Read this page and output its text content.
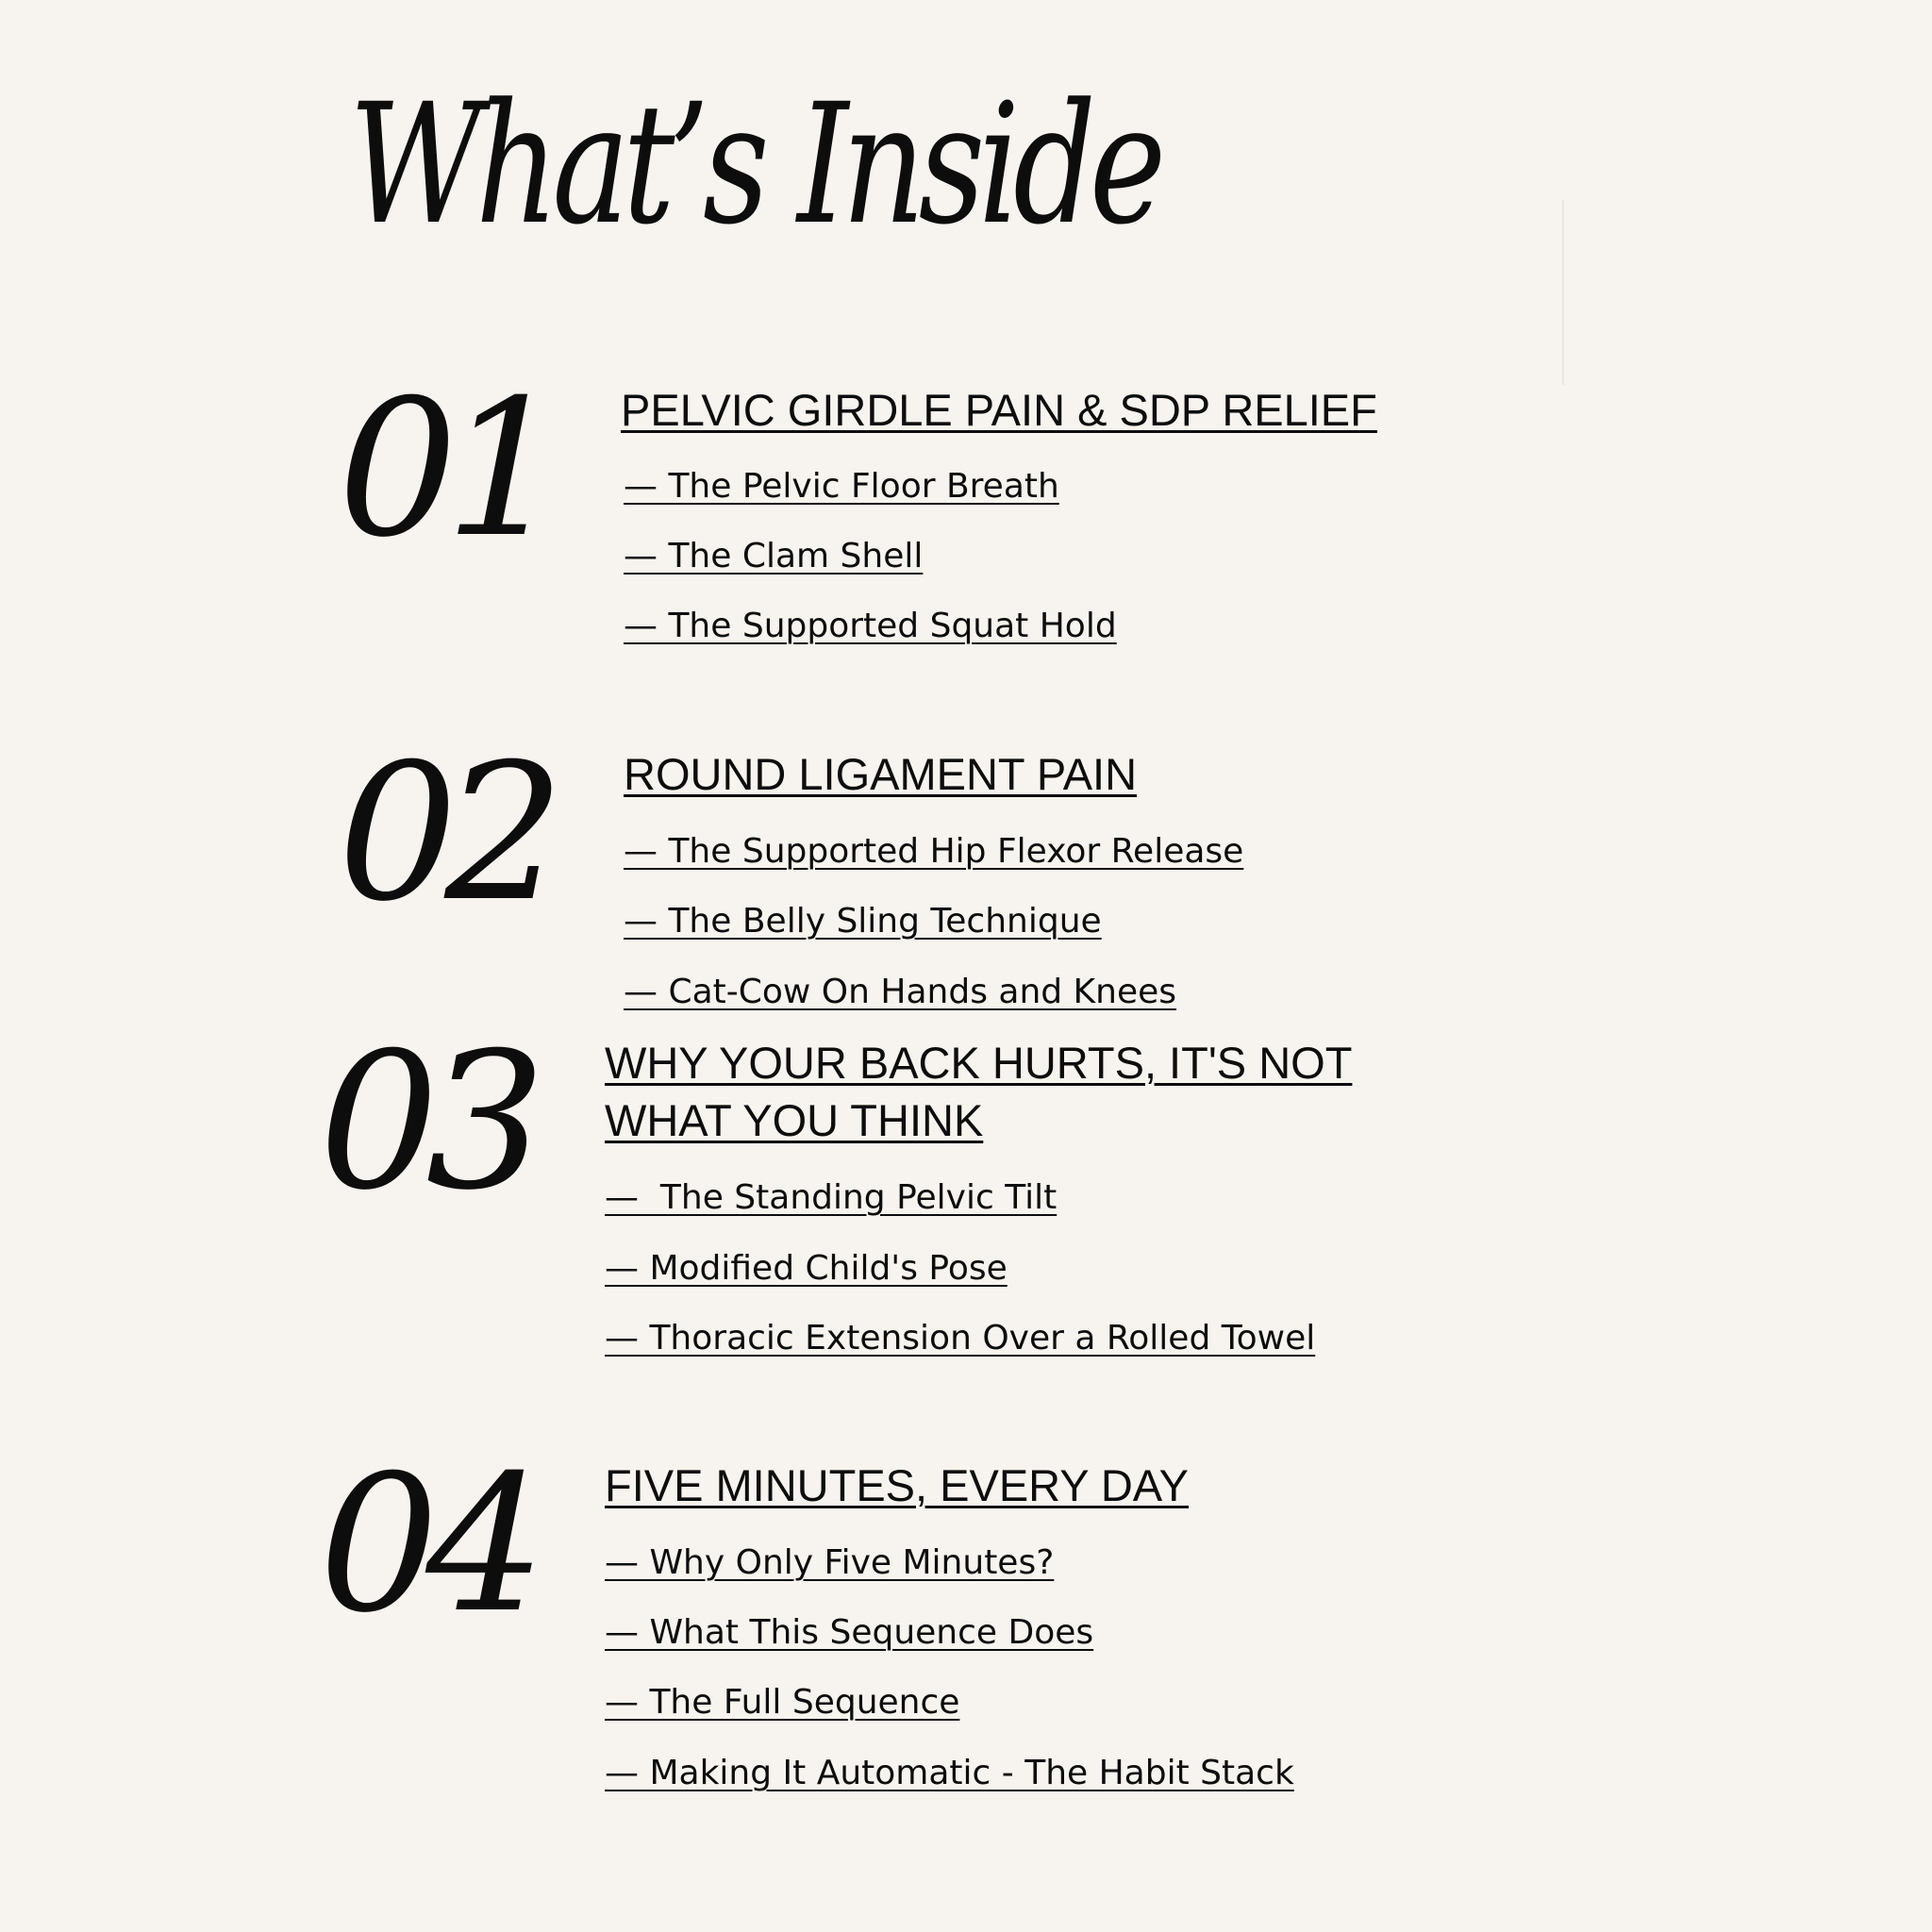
What’s Inside
01 PELVIC GIRDLE PAIN & SDP RELIEF
— The Pelvic Floor Breath
— The Clam Shell
— The Supported Squat Hold
02 ROUND LIGAMENT PAIN
— The Supported Hip Flexor Release
— The Belly Sling Technique
— Cat-Cow On Hands and Knees
03 WHY YOUR BACK HURTS, IT'S NOT
WHAT YOU THINK
—  The Standing Pelvic Tilt
— Modified Child's Pose
— Thoracic Extension Over a Rolled Towel
04 FIVE MINUTES, EVERY DAY
— Why Only Five Minutes?
— What This Sequence Does
— The Full Sequence
— Making It Automatic - The Habit Stack
